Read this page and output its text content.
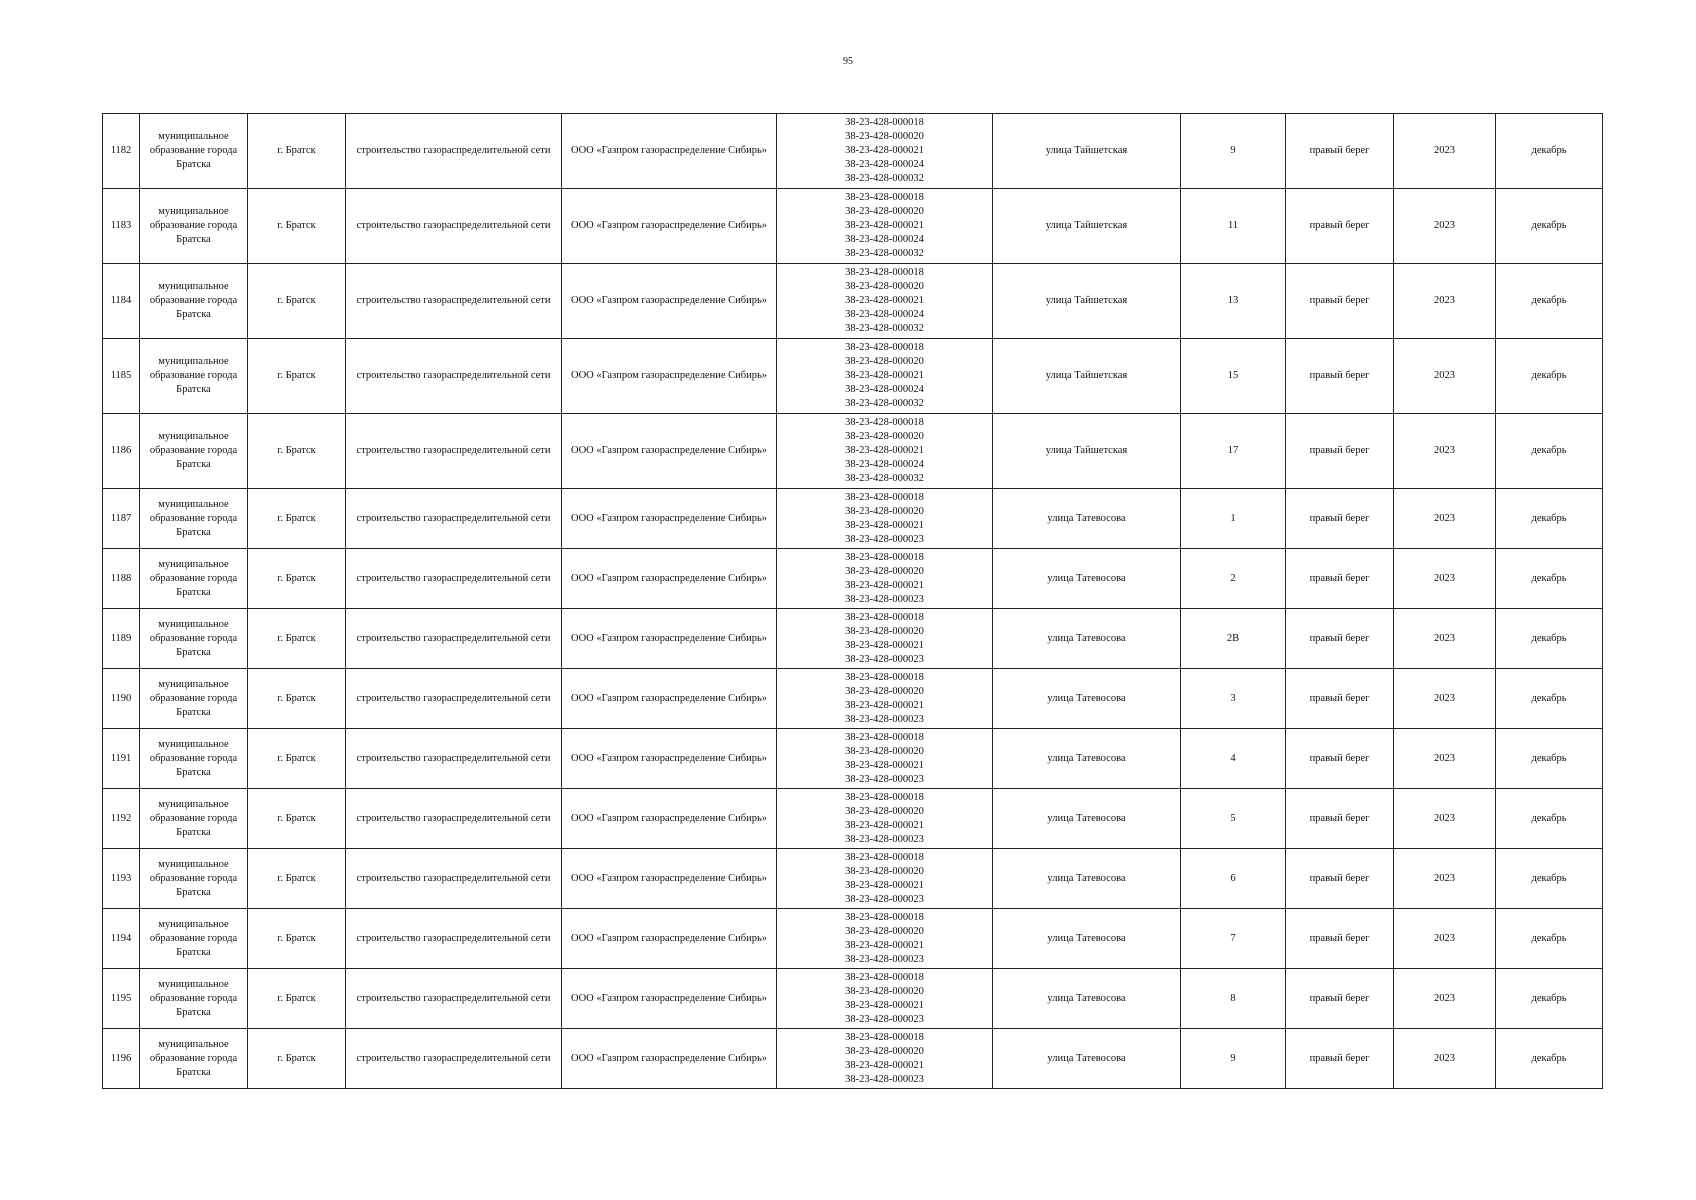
95
1182	муниципальное образование города Братска	г. Братск	строительство газораспределительной сети	ООО «Газпром газораспределение Сибирь»	38-23-428-000018
38-23-428-000020
38-23-428-000021
38-23-428-000024
38-23-428-000032	улица Тайшетская	9	правый берег	2023	декабрь
1183	муниципальное образование города Братска	г. Братск	строительство газораспределительной сети	ООО «Газпром газораспределение Сибирь»	38-23-428-000018
38-23-428-000020
38-23-428-000021
38-23-428-000024
38-23-428-000032	улица Тайшетская	11	правый берег	2023	декабрь
1184	муниципальное образование города Братска	г. Братск	строительство газораспределительной сети	ООО «Газпром газораспределение Сибирь»	38-23-428-000018
38-23-428-000020
38-23-428-000021
38-23-428-000024
38-23-428-000032	улица Тайшетская	13	правый берег	2023	декабрь
1185	муниципальное образование города Братска	г. Братск	строительство газораспределительной сети	ООО «Газпром газораспределение Сибирь»	38-23-428-000018
38-23-428-000020
38-23-428-000021
38-23-428-000024
38-23-428-000032	улица Тайшетская	15	правый берег	2023	декабрь
1186	муниципальное образование города Братска	г. Братск	строительство газораспределительной сети	ООО «Газпром газораспределение Сибирь»	38-23-428-000018
38-23-428-000020
38-23-428-000021
38-23-428-000024
38-23-428-000032	улица Тайшетская	17	правый берег	2023	декабрь
1187	муниципальное образование города Братска	г. Братск	строительство газораспределительной сети	ООО «Газпром газораспределение Сибирь»	38-23-428-000018
38-23-428-000020
38-23-428-000021
38-23-428-000023	улица Татевосова	1	правый берег	2023	декабрь
1188	муниципальное образование города Братска	г. Братск	строительство газораспределительной сети	ООО «Газпром газораспределение Сибирь»	38-23-428-000018
38-23-428-000020
38-23-428-000021
38-23-428-000023	улица Татевосова	2	правый берег	2023	декабрь
1189	муниципальное образование города Братска	г. Братск	строительство газораспределительной сети	ООО «Газпром газораспределение Сибирь»	38-23-428-000018
38-23-428-000020
38-23-428-000021
38-23-428-000023	улица Татевосова	2В	правый берег	2023	декабрь
1190	муниципальное образование города Братска	г. Братск	строительство газораспределительной сети	ООО «Газпром газораспределение Сибирь»	38-23-428-000018
38-23-428-000020
38-23-428-000021
38-23-428-000023	улица Татевосова	3	правый берег	2023	декабрь
1191	муниципальное образование города Братска	г. Братск	строительство газораспределительной сети	ООО «Газпром газораспределение Сибирь»	38-23-428-000018
38-23-428-000020
38-23-428-000021
38-23-428-000023	улица Татевосова	4	правый берег	2023	декабрь
1192	муниципальное образование города Братска	г. Братск	строительство газораспределительной сети	ООО «Газпром газораспределение Сибирь»	38-23-428-000018
38-23-428-000020
38-23-428-000021
38-23-428-000023	улица Татевосова	5	правый берег	2023	декабрь
1193	муниципальное образование города Братска	г. Братск	строительство газораспределительной сети	ООО «Газпром газораспределение Сибирь»	38-23-428-000018
38-23-428-000020
38-23-428-000021
38-23-428-000023	улица Татевосова	6	правый берег	2023	декабрь
1194	муниципальное образование города Братска	г. Братск	строительство газораспределительной сети	ООО «Газпром газораспределение Сибирь»	38-23-428-000018
38-23-428-000020
38-23-428-000021
38-23-428-000023	улица Татевосова	7	правый берег	2023	декабрь
1195	муниципальное образование города Братска	г. Братск	строительство газораспределительной сети	ООО «Газпром газораспределение Сибирь»	38-23-428-000018
38-23-428-000020
38-23-428-000021
38-23-428-000023	улица Татевосова	8	правый берег	2023	декабрь
1196	муниципальное образование города Братска	г. Братск	строительство газораспределительной сети	ООО «Газпром газораспределение Сибирь»	38-23-428-000018
38-23-428-000020
38-23-428-000021
38-23-428-000023	улица Татевосова	9	правый берег	2023	декабрь
